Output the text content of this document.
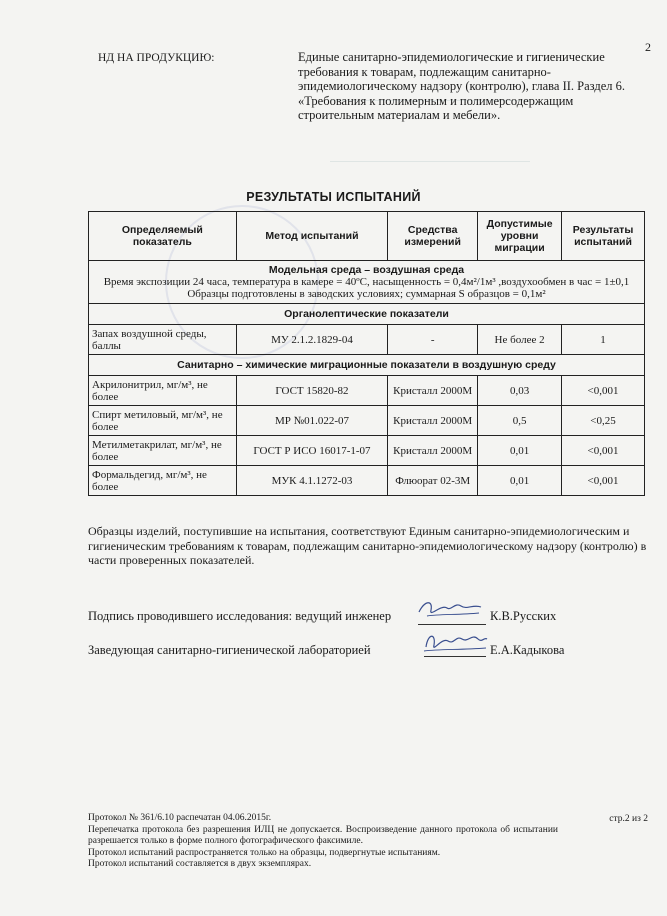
2
НД НА ПРОДУКЦИЮ:	Единые санитарно-эпидемиологические и гигиенические требования к товарам, подлежащим санитарно-эпидемиологическому надзору (контролю), глава II. Раздел 6. «Требования к полимерным и полимерсодержащим строительным материалам и мебели».
РЕЗУЛЬТАТЫ ИСПЫТАНИЙ
Определяемый показатель	Метод испытаний	Средства измерений	Допустимые уровни миграции	Результаты испытаний

Модельная среда – воздушная среда
Время экспозиции 24 часа, температура в камере = 40ºС, насыщенность = 0,4м²/1м³ ,воздухообмен в час = 1±0,1
Образцы подготовлены в заводских условиях; суммарная S образцов = 0,1м²				

Органолептические показатели				
Запах воздушной среды, баллы	МУ 2.1.2.1829-04	-	Не более 2	1
Санитарно – химические миграционные показатели в воздушную среду				
Акрилонитрил, мг/м³, не более	ГОСТ 15820-82	Кристалл 2000М	0,03	<0,001
Спирт метиловый, мг/м³, не более	МР №01.022-07	Кристалл 2000М	0,5	<0,25
Метилметакрилат, мг/м³, не более	ГОСТ Р ИСО 16017-1-07	Кристалл 2000М	0,01	<0,001
Формальдегид, мг/м³, не более	МУК 4.1.1272-03	Флюорат 02-3М	0,01	<0,001
Образцы изделий, поступившие на испытания, соответствуют Единым санитарно-эпидемиологическим и гигиеническим требованиям к товарам, подлежащим санитарно-эпидемиологическому надзору (контролю) в части проверенных показателей.
Подпись проводившего исследования: ведущий инженер	К.В.Русских
Заведующая санитарно-гигиенической лабораторией	Е.А.Кадыкова

Протокол № 361/6.10 распечатан 04.06.2015г.

Перепечатка протокола без разрешения ИЛЦ не допускается. Воспроизведение данного протокола об испытании разрешается только в форме полного фотографического факсимиле.

стр.2 из 2

Протокол испытаний распространяется только на образцы, подвергнутые испытаниям.

Протокол испытаний составляется в двух экземплярах.
